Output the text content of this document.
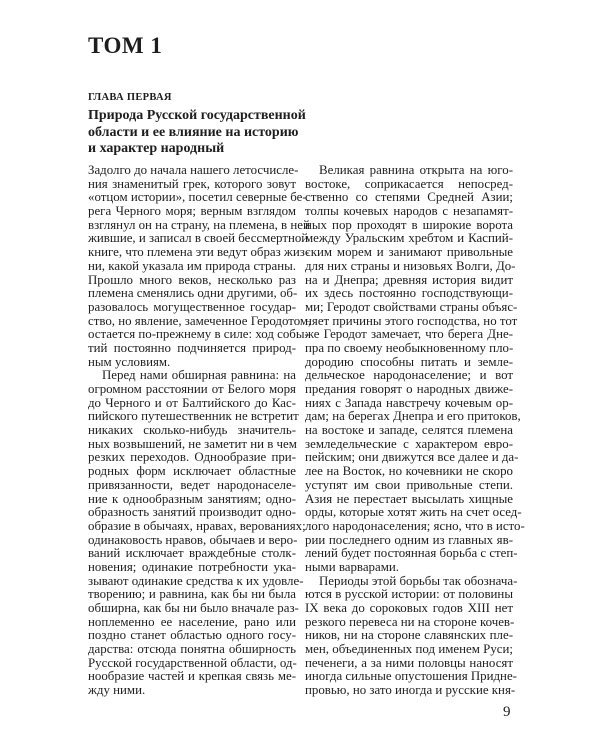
ТОМ 1
ГЛАВА ПЕРВАЯ
Природа Русской государственной
области и ее влияние на историю
и характер народный
Задолго до начала нашего летосчисле-
ния знаменитый грек, которого зовут
«отцом истории», посетил северные бе-
рега Черного моря; верным взглядом
взглянул он на страну, на племена, в ней
жившие, и записал в своей бессмертной
книге, что племена эти ведут образ жиз-
ни, какой указала им природа страны.
Прошло много веков, несколько раз
племена сменялись одни другими, об-
разовалось могущественное государ-
ство, но явление, замеченное Геродотом,
остается по-прежнему в силе: ход собы-
тий постоянно подчиняется природ-
ным условиям.
Перед нами обширная равнина: на
огромном расстоянии от Белого моря
до Черного и от Балтийского до Кас-
пийского путешественник не встретит
никаких сколько-нибудь значитель-
ных возвышений, не заметит ни в чем
резких переходов. Однообразие при-
родных форм исключает областные
привязанности, ведет народонаселе-
ние к однообразным занятиям; одно-
образность занятий производит одно-
образие в обычаях, нравах, верованиях;
одинаковость нравов, обычаев и веро-
ваний исключает враждебные столк-
новения; одинакие потребности ука-
зывают одинакие средства к их удовле-
творению; и равнина, как бы ни была
обширна, как бы ни было вначале раз-
ноплеменно ее население, рано или
поздно станет областью одного госу-
дарства: отсюда понятна обширность
Русской государственной области, од-
нообразие частей и крепкая связь ме-
жду ними.
Великая равнина открыта на юго-
востоке, соприкасается непосред-
ственно со степями Средней Азии;
толпы кочевых народов с незапамят-
ных пор проходят в широкие ворота
между Уральским хребтом и Каспий-
ским морем и занимают привольные
для них страны и низовьях Волги, До-
на и Днепра; древняя история видит
их здесь постоянно господствующи-
ми; Геродот свойствами страны объяс-
няет причины этого господства, но тот
же Геродот замечает, что берега Дне-
пра по своему необыкновенному пло-
дородию способны питать и земле-
дельческое народонаселение; и вот
предания говорят о народных движе-
ниях с Запада навстречу кочевым ор-
дам; на берегах Днепра и его притоков,
на востоке и западе, селятся племена
земледельческие с характером евро-
пейским; они движутся все далее и да-
лее на Восток, но кочевники не скоро
уступят им свои привольные степи.
Азия не перестает высылать хищные
орды, которые хотят жить на счет осед-
лого народонаселения; ясно, что в исто-
рии последнего одним из главных яв-
лений будет постоянная борьба с степ-
ными варварами.
Периоды этой борьбы так обознача-
ются в русской истории: от половины
IX века до сороковых годов XIII нет
резкого перевеса ни на стороне кочев-
ников, ни на стороне славянских пле-
мен, объединенных под именем Руси;
печенеги, а за ними половцы наносят
иногда сильные опустошения Придне-
провью, но зато иногда и русские кня-
9
